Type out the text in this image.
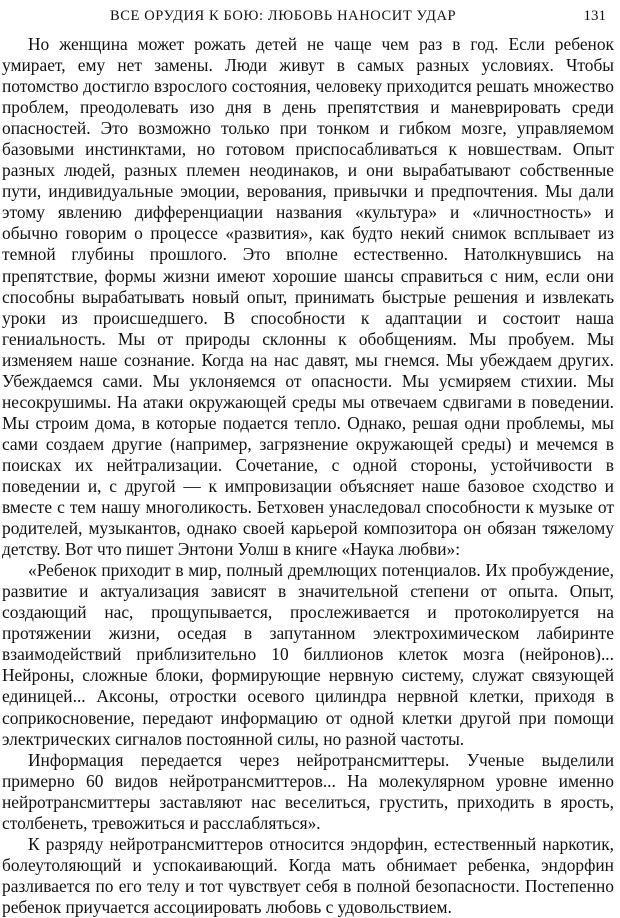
ВСЕ ОРУДИЯ К БОЮ: ЛЮБОВЬ НАНОСИТ УДАР	131

Но женщина может рожать детей не чаще чем раз в год. Если ребенок умирает, ему нет замены. Люди живут в самых разных условиях. Чтобы потомство достигло взрослого состояния, человеку приходится решать множество проблем, преодолевать изо дня в день препятствия и маневрировать среди опасностей. Это возможно только при тонком и гибком мозге, управляемом базовыми инстинктами, но готовом приспосабливаться к новшествам. Опыт разных людей, разных племен неодинаков, и они вырабатывают собственные пути, индивидуальные эмоции, верования, привычки и предпочтения. Мы дали этому явлению дифференциации названия «культура» и «личностность» и обычно говорим о процессе «развития», как будто некий снимок всплывает из темной глубины прошлого. Это вполне естественно. Натолкнувшись на препятствие, формы жизни имеют хорошие шансы справиться с ним, если они способны вырабатывать новый опыт, принимать быстрые решения и извлекать уроки из происшедшего. В способности к адаптации и состоит наша гениальность. Мы от природы склонны к обобщениям. Мы пробуем. Мы изменяем наше сознание. Когда на нас давят, мы гнемся. Мы убеждаем других. Убеждаемся сами. Мы уклоняемся от опасности. Мы усмиряем стихии. Мы несокрушимы. На атаки окружающей среды мы отвечаем сдвигами в поведении. Мы строим дома, в которые подается тепло. Однако, решая одни проблемы, мы сами создаем другие (например, загрязнение окружающей среды) и мечемся в поисках их нейтрализации. Сочетание, с одной стороны, устойчивости в поведении и, с другой — к импровизации объясняет наше базовое сходство и вместе с тем нашу многоликость. Бетховен унаследовал способности к музыке от родителей, музыкантов, однако своей карьерой композитора он обязан тяжелому детству. Вот что пишет Энтони Уолш в книге «Наука любви»:

«Ребенок приходит в мир, полный дремлющих потенциалов. Их пробуждение, развитие и актуализация зависят в значительной степени от опыта. Опыт, создающий нас, прощупывается, прослеживается и протоколируется на протяжении жизни, оседая в запутанном электрохимическом лабиринте взаимодействий приблизительно 10 биллионов клеток мозга (нейронов)... Нейроны, сложные блоки, формирующие нервную систему, служат связующей единицей... Аксоны, отростки осевого цилиндра нервной клетки, приходя в соприкосновение, передают информацию от одной клетки другой при помощи электрических сигналов постоянной силы, но разной частоты.

Информация передается через нейротрансмиттеры. Ученые выделили примерно 60 видов нейротрансмиттеров... На молекулярном уровне именно нейротрансмиттеры заставляют нас веселиться, грустить, приходить в ярость, столбенеть, тревожиться и расслабляться».

К разряду нейротрансмиттеров относится эндорфин, естественный наркотик, болеутоляющий и успокаивающий. Когда мать обнимает ребенка, эндорфин разливается по его телу и тот чувствует себя в полной безопасности. Постепенно ребенок приучается ассоциировать любовь с удовольствием.
